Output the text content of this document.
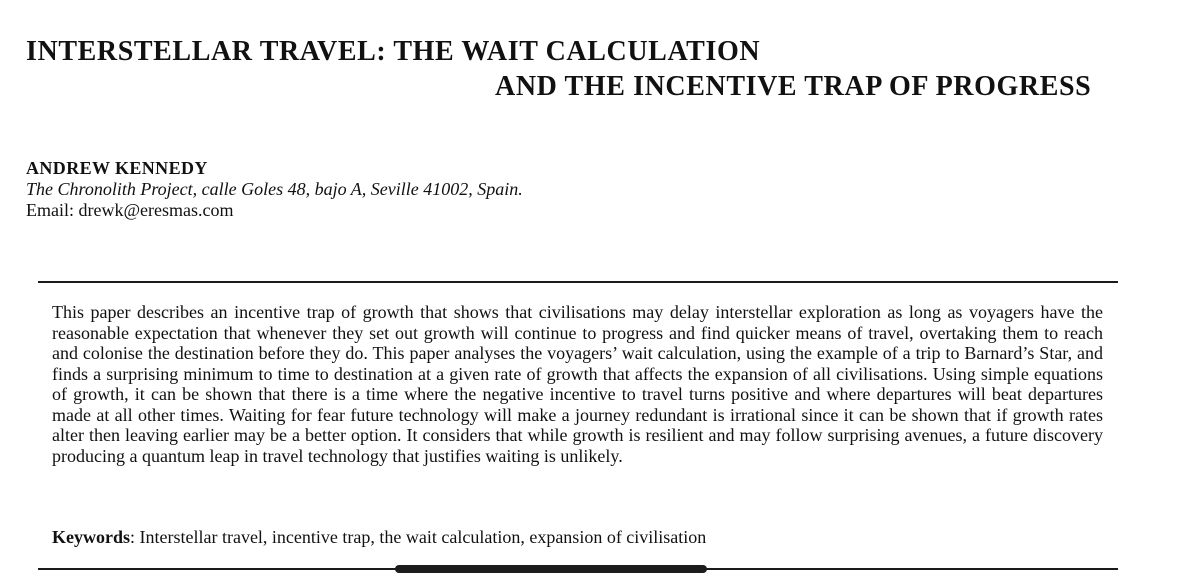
INTERSTELLAR TRAVEL: THE WAIT CALCULATION
AND THE INCENTIVE TRAP OF PROGRESS
ANDREW KENNEDY
The Chronolith Project, calle Goles 48, bajo A, Seville 41002, Spain.
Email: drewk@eresmas.com

This paper describes an incentive trap of growth that shows that civilisations may delay interstellar exploration as long as voyagers have the reasonable expectation that whenever they set out growth will continue to progress and find quicker means of travel, overtaking them to reach and colonise the destination before they do. This paper analyses the voyagers’ wait calculation, using the example of a trip to Barnard’s Star, and finds a surprising minimum to time to destination at a given rate of growth that affects the expansion of all civilisations. Using simple equations of growth, it can be shown that there is a time where the negative incentive to travel turns positive and where departures will beat departures made at all other times. Waiting for fear future technology will make a journey redundant is irrational since it can be shown that if growth rates alter then leaving earlier may be a better option. It considers that while growth is resilient and may follow surprising avenues, a future discovery producing a quantum leap in travel technology that justifies waiting is unlikely.

Keywords: Interstellar travel, incentive trap, the wait calculation, expansion of civilisation
